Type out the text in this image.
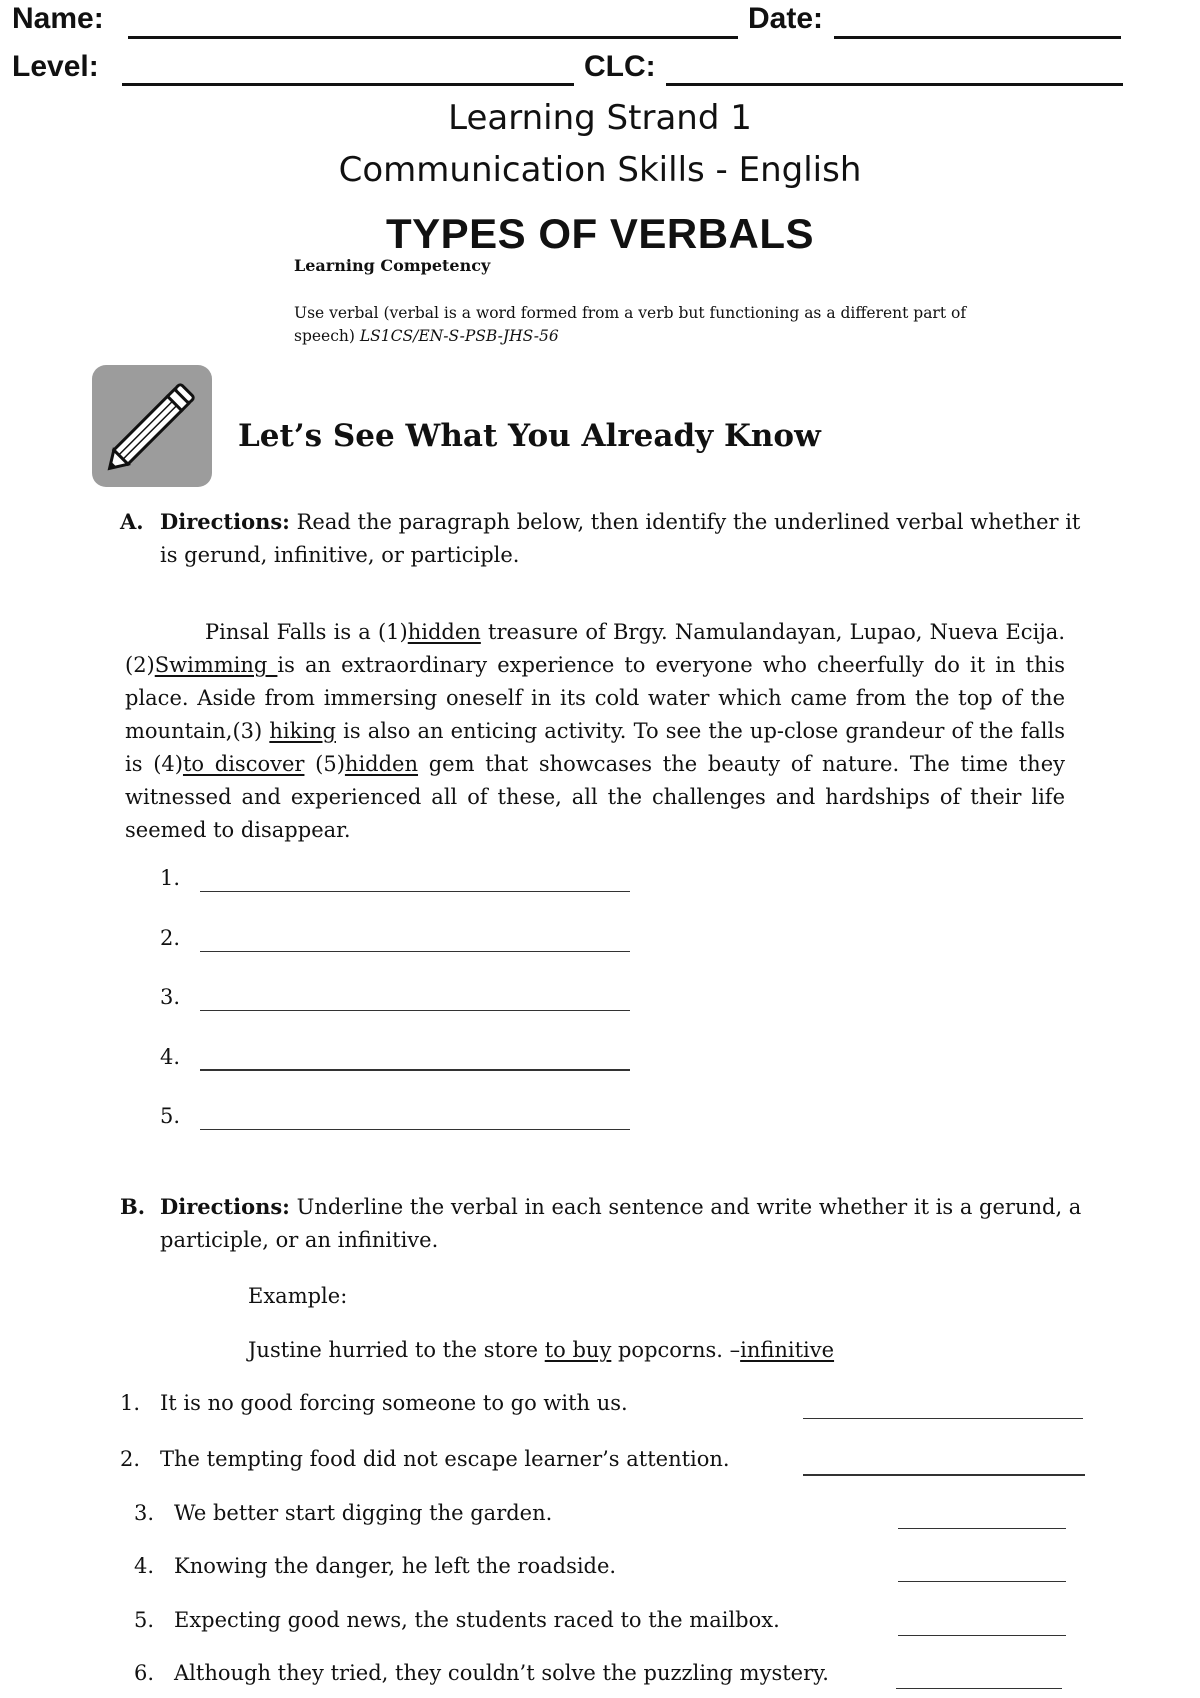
Name:	Date:
Level:	CLC:
Learning Strand 1
Communication Skills - English
TYPES OF VERBALS
Learning Competency
Use verbal (verbal is a word formed from a verb but functioning as a different part of speech) LS1CS/EN-S-PSB-JHS-56
Let’s See What You Already Know
A. Directions: Read the paragraph below, then identify the underlined verbal whether it is gerund, infinitive, or participle.
Pinsal Falls is a (1)hidden treasure of Brgy. Namulandayan, Lupao, Nueva Ecija.(2)Swimming is an extraordinary experience to everyone who cheerfully do it in this place. Aside from immersing oneself in its cold water which came from the top of the mountain,(3) hiking is also an enticing activity. To see the up-close grandeur of the falls is (4)to discover (5)hidden gem that showcases the beauty of nature. The time they witnessed and experienced all of these, all the challenges and hardships of their life seemed to disappear.
1.
2.
3.
4.
5.
B. Directions: Underline the verbal in each sentence and write whether it is a gerund, a participle, or an infinitive.
Example:
Justine hurried to the store to buy popcorns. –infinitive
1. It is no good forcing someone to go with us.
2. The tempting food did not escape learner’s attention.
3. We better start digging the garden.
4. Knowing the danger, he left the roadside.
5. Expecting good news, the students raced to the mailbox.
6. Although they tried, they couldn’t solve the puzzling mystery.
